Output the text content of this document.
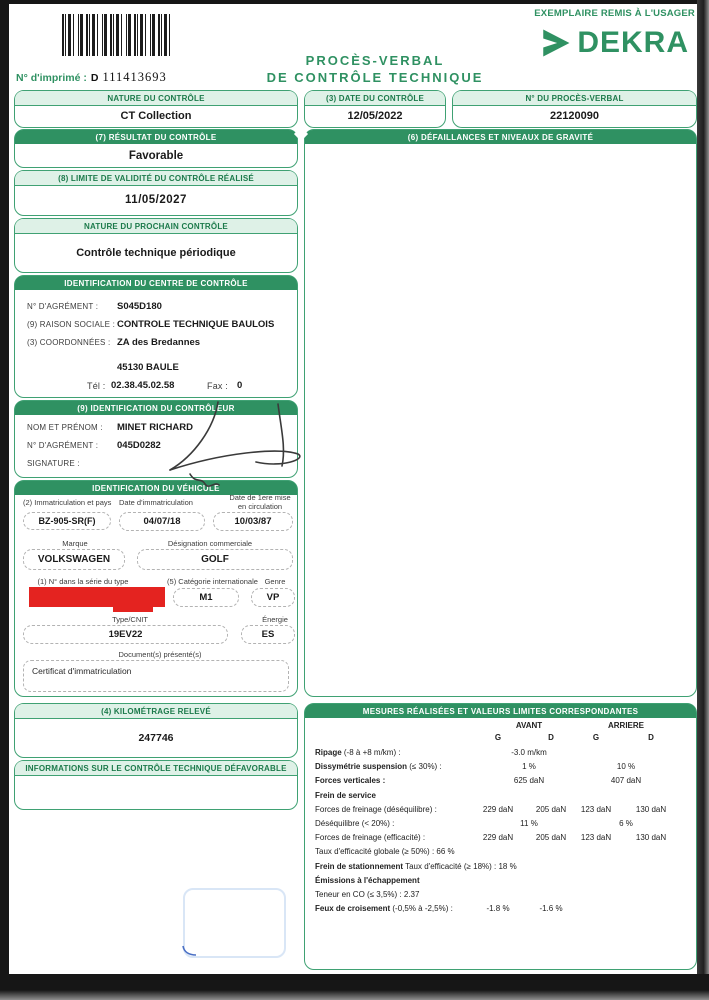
N° d'imprimé : D 111413693
PROCÈS-VERBAL
DE CONTRÔLE TECHNIQUE
EXEMPLAIRE REMIS À L'USAGER
DEKRA
NATURE DU CONTRÔLE
CT Collection
(3) DATE DU CONTRÔLE
12/05/2022
N° DU PROCÈS-VERBAL
22120090
(7) RÉSULTAT DU CONTRÔLE
Favorable
(8) LIMITE DE VALIDITÉ DU CONTRÔLE RÉALISÉ
11/05/2027
NATURE DU PROCHAIN CONTRÔLE
Contrôle technique périodique
IDENTIFICATION DU CENTRE DE CONTRÔLE
N° D'AGRÉMENT : S045D180
(9) RAISON SOCIALE : CONTROLE TECHNIQUE BAULOIS
(3) COORDONNÉES : ZA des Bredannes
45130 BAULE
Tél : 02.38.45.02.58	Fax : 0
(9) IDENTIFICATION DU CONTRÔLEUR
NOM ET PRÉNOM : MINET RICHARD
N° D'AGRÉMENT : 045D0282
SIGNATURE :
IDENTIFICATION DU VÉHICULE
(2) Immatriculation et pays Date d'immatriculation
Date de 1ere mise
en circulation
BZ-905-SR(F)	04/07/18	10/03/87
Marque	Désignation commerciale
VOLKSWAGEN	GOLF
(1) N° dans la série du type	(5) Catégorie internationale Genre
M1	VP
Type/CNIT	Énergie
19EV22	ES
Document(s) présenté(s)
Certificat d'immatriculation
(4) KILOMÉTRAGE RELEVÉ
247746
INFORMATIONS SUR LE CONTRÔLE TECHNIQUE DÉFAVORABLE
(6) DÉFAILLANCES ET NIVEAUX DE GRAVITÉ
MESURES RÉALISÉES ET VALEURS LIMITES CORRESPONDANTES
AVANT	ARRIERE
G	D	G	D
Ripage (-8 à +8 m/km) :	-3.0 m/km
Dissymétrie suspension (≤ 30%) :	1 %	10 %
Forces verticales :	625 daN	407 daN
Frein de service
Forces de freinage (déséquilibre) :	229 daN	205 daN	123 daN	130 daN
Déséquilibre (< 20%) :	11 %	6 %
Forces de freinage (efficacité) :	229 daN	205 daN	123 daN	130 daN
Taux d'efficacité globale (≥ 50%) : 66 %
Frein de stationnement Taux d'efficacité (≥ 18%) : 18 %
Émissions à l'échappement
Teneur en CO (≤ 3,5%) : 2.37
Feux de croisement (-0,5% à -2,5%) :	-1.8 %	-1.6 %
